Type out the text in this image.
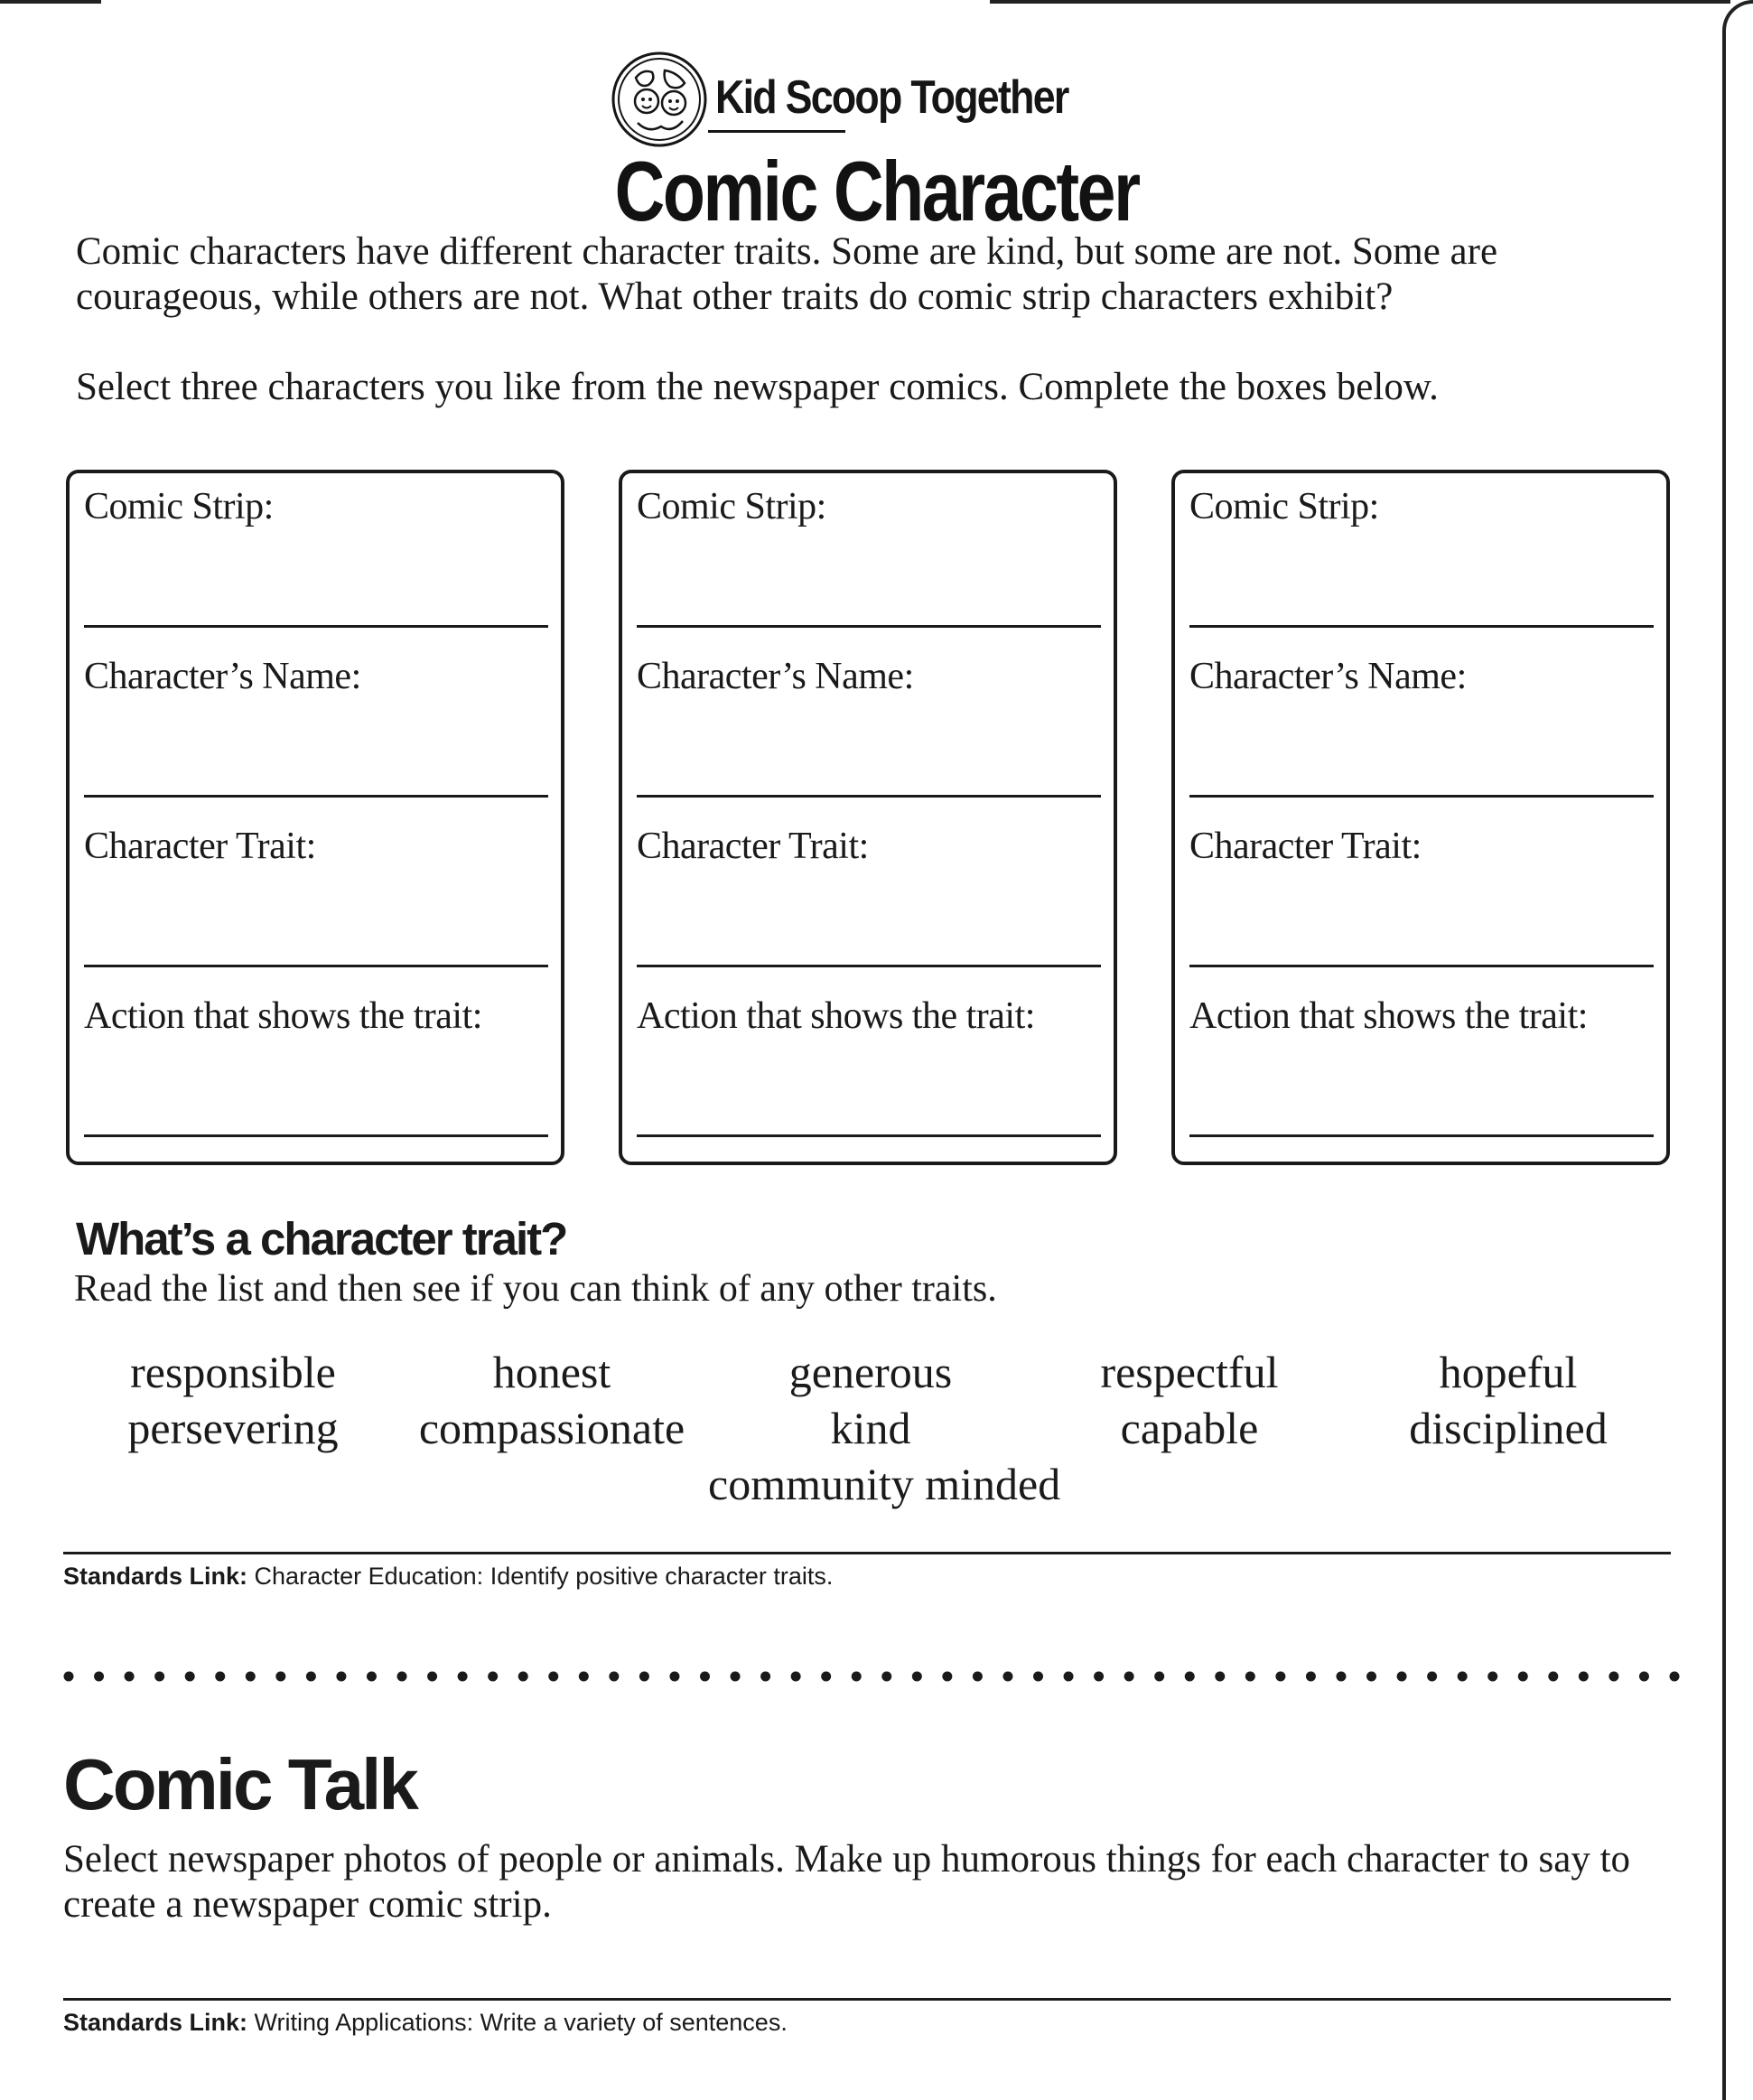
Kid Scoop Together
Comic Character
Comic characters have different character traits. Some are kind, but some are not. Some are courageous, while others are not. What other traits do comic strip characters exhibit?
Select three characters you like from the newspaper comics. Complete the boxes below.
Comic Strip:
Character’s Name:
Character Trait:
Action that shows the trait:
Comic Strip:
Character’s Name:
Character Trait:
Action that shows the trait:
Comic Strip:
Character’s Name:
Character Trait:
Action that shows the trait:
What’s a character trait?
Read the list and then see if you can think of any other traits.
responsible	honest	generous	respectful	hopeful
persevering	compassionate	kind	capable	disciplined
community minded
Standards Link: Character Education: Identify positive character traits.
Comic Talk
Select newspaper photos of people or animals. Make up humorous things for each character to say to create a newspaper comic strip.
Standards Link: Writing Applications: Write a variety of sentences.
